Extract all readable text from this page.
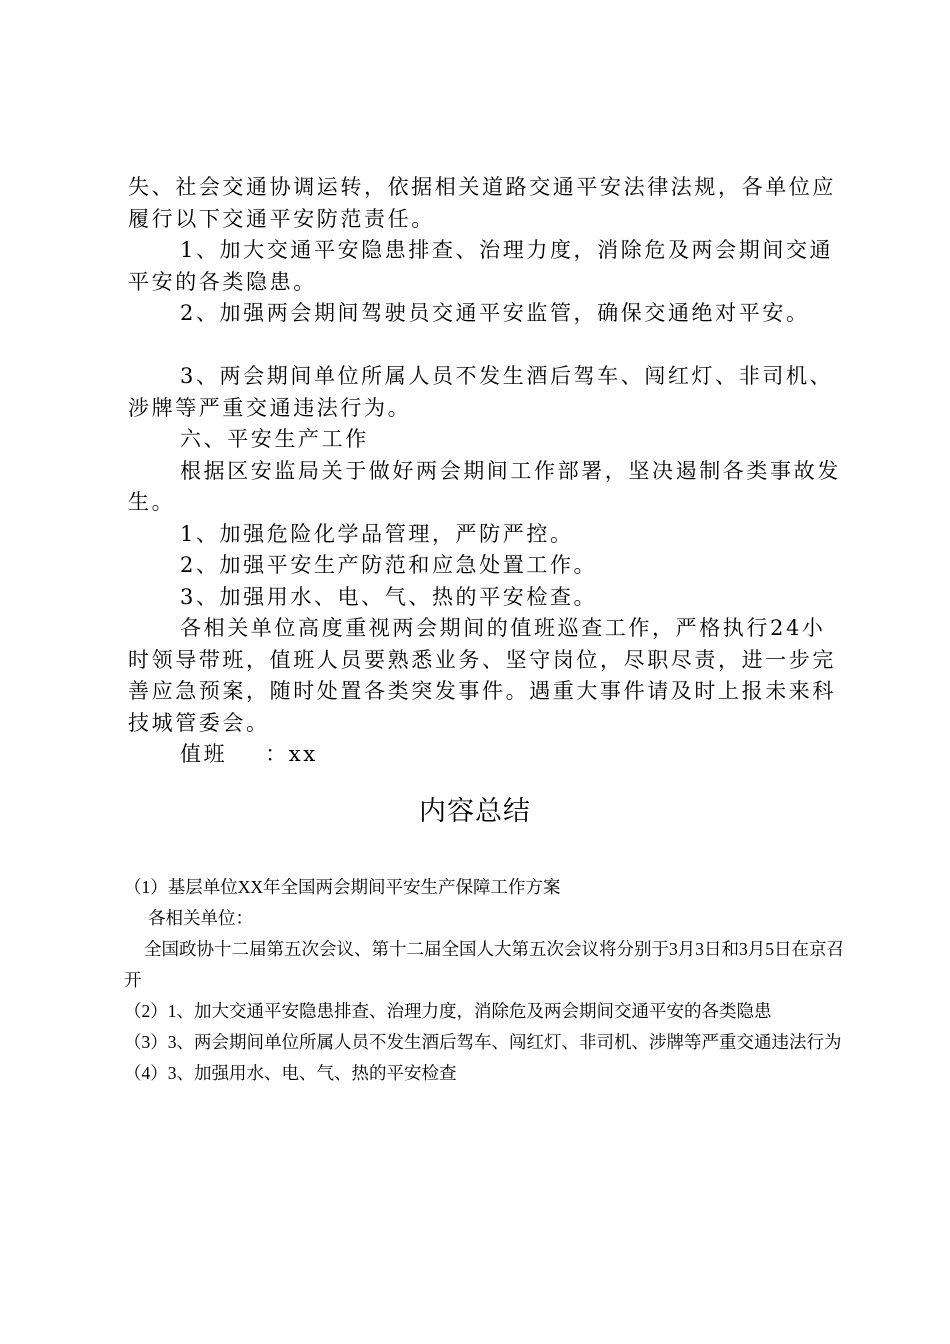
失、社会交通协调运转，依据相关道路交通平安法律法规，各单位应履行以下交通平安防范责任。

1、加大交通平安隐患排查、治理力度，消除危及两会期间交通平安的各类隐患。

2、加强两会期间驾驶员交通平安监管，确保交通绝对平安。

3、两会期间单位所属人员不发生酒后驾车、闯红灯、非司机、涉牌等严重交通违法行为。

六、平安生产工作

根据区安监局关于做好两会期间工作部署，坚决遏制各类事故发生。

1、加强危险化学品管理，严防严控。

2、加强平安生产防范和应急处置工作。

3、加强用水、电、气、热的平安检查。

各相关单位高度重视两会期间的值班巡查工作，严格执行24小时领导带班，值班人员要熟悉业务、坚守岗位，尽职尽责，进一步完善应急预案，随时处置各类突发事件。遇重大事件请及时上报未来科技城管委会。

值班 ：xx

内容总结

（1）基层单位XX年全国两会期间平安生产保障工作方案

各相关单位：

全国政协十二届第五次会议、第十二届全国人大第五次会议将分别于3月3日和3月5日在京召开

（2）1、加大交通平安隐患排查、治理力度，消除危及两会期间交通平安的各类隐患

（3）3、两会期间单位所属人员不发生酒后驾车、闯红灯、非司机、涉牌等严重交通违法行为

（4）3、加强用水、电、气、热的平安检查
